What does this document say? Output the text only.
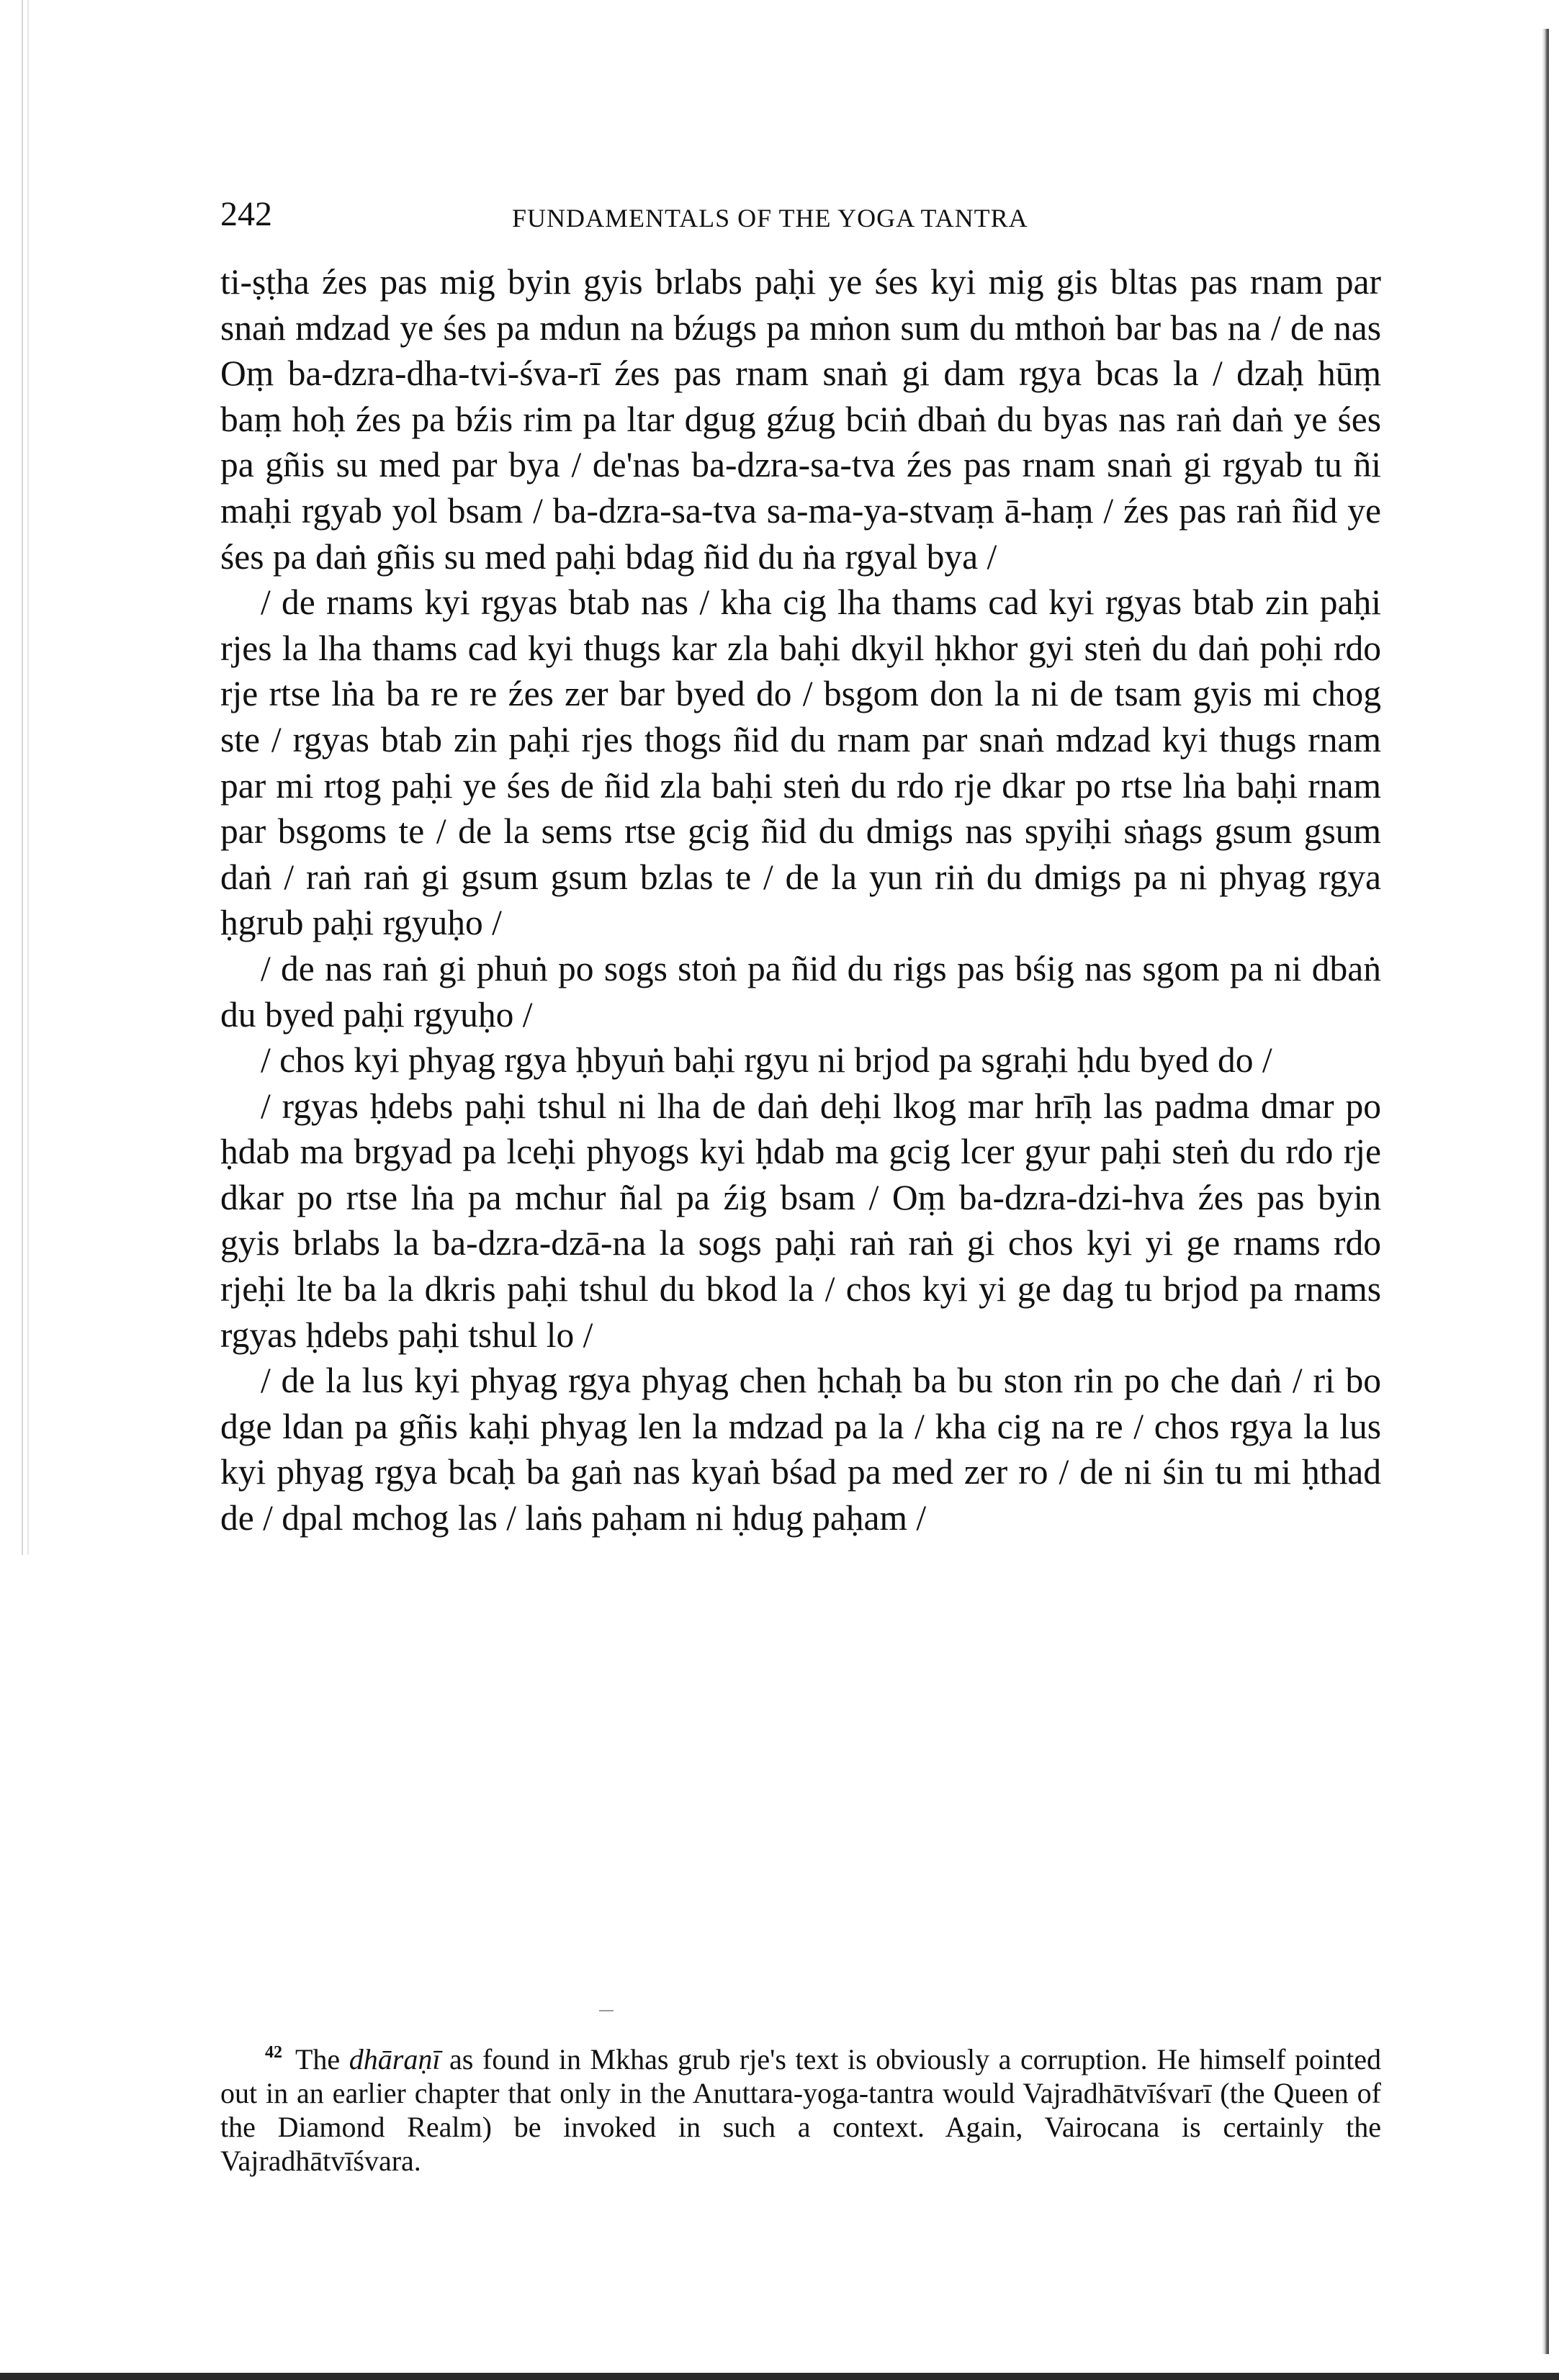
242	FUNDAMENTALS OF THE YOGA TANTRA

ti-ṣṭha źes pas mig byin gyis brlabs paḥi ye śes kyi mig gis bltas pas rnam par snaṅ mdzad ye śes pa mdun na bźugs pa mṅon sum du mthoṅ bar bas na / de nas Oṃ ba-dzra-dha-tvi-śva-rī źes pas rnam snaṅ gi dam rgya bcas la / dzaḥ hūṃ baṃ hoḥ źes pa bźis rim pa ltar dgug gźug bciṅ dbaṅ du byas nas raṅ daṅ ye śes pa gñis su med par bya / de'nas ba-dzra-sa-tva źes pas rnam snaṅ gi rgyab tu ñi maḥi rgyab yol bsam / ba-dzra-sa-tva sa-ma-ya-stvaṃ ā-haṃ / źes pas raṅ ñid ye śes pa daṅ gñis su med paḥi bdag ñid du ṅa rgyal bya /

/ de rnams kyi rgyas btab nas / kha cig lha thams cad kyi rgyas btab zin paḥi rjes la lha thams cad kyi thugs kar zla baḥi dkyil ḥkhor gyi steṅ du daṅ poḥi rdo rje rtse lṅa ba re re źes zer bar byed do / bsgom don la ni de tsam gyis mi chog ste / rgyas btab zin paḥi rjes thogs ñid du rnam par snaṅ mdzad kyi thugs rnam par mi rtog paḥi ye śes de ñid zla baḥi steṅ du rdo rje dkar po rtse lṅa baḥi rnam par bsgoms te / de la sems rtse gcig ñid du dmigs nas spyiḥi sṅags gsum gsum daṅ / raṅ raṅ gi gsum gsum bzlas te / de la yun riṅ du dmigs pa ni phyag rgya ḥgrub paḥi rgyuḥo /

/ de nas raṅ gi phuṅ po sogs stoṅ pa ñid du rigs pas bśig nas sgom pa ni dbaṅ du byed paḥi rgyuḥo /

/ chos kyi phyag rgya ḥbyuṅ baḥi rgyu ni brjod pa sgraḥi ḥdu byed do /

/ rgyas ḥdebs paḥi tshul ni lha de daṅ deḥi lkog mar hrīḥ las padma dmar po ḥdab ma brgyad pa lceḥi phyogs kyi ḥdab ma gcig lcer gyur paḥi steṅ du rdo rje dkar po rtse lṅa pa mchur ñal pa źig bsam / Oṃ ba-dzra-dzi-hva źes pas byin gyis brlabs la ba-dzra-dzā-na la sogs paḥi raṅ raṅ gi chos kyi yi ge rnams rdo rjeḥi lte ba la dkris paḥi tshul du bkod la / chos kyi yi ge dag tu brjod pa rnams rgyas ḥdebs paḥi tshul lo /

/ de la lus kyi phyag rgya phyag chen ḥchaḥ ba bu ston rin po che daṅ / ri bo dge ldan pa gñis kaḥi phyag len la mdzad pa la / kha cig na re / chos rgya la lus kyi phyag rgya bcaḥ ba gaṅ nas kyaṅ bśad pa med zer ro / de ni śin tu mi ḥthad de / dpal mchog las / laṅs paḥam ni ḥdug paḥam /

$^{42}$ The dhāraṇī as found in Mkhas grub rje's text is obviously a corruption. He himself pointed out in an earlier chapter that only in the Anuttara-yoga-tantra would Vajradhātvīśvarī (the Queen of the Diamond Realm) be invoked in such a context. Again, Vairocana is certainly the Vajradhātvīśvara.
